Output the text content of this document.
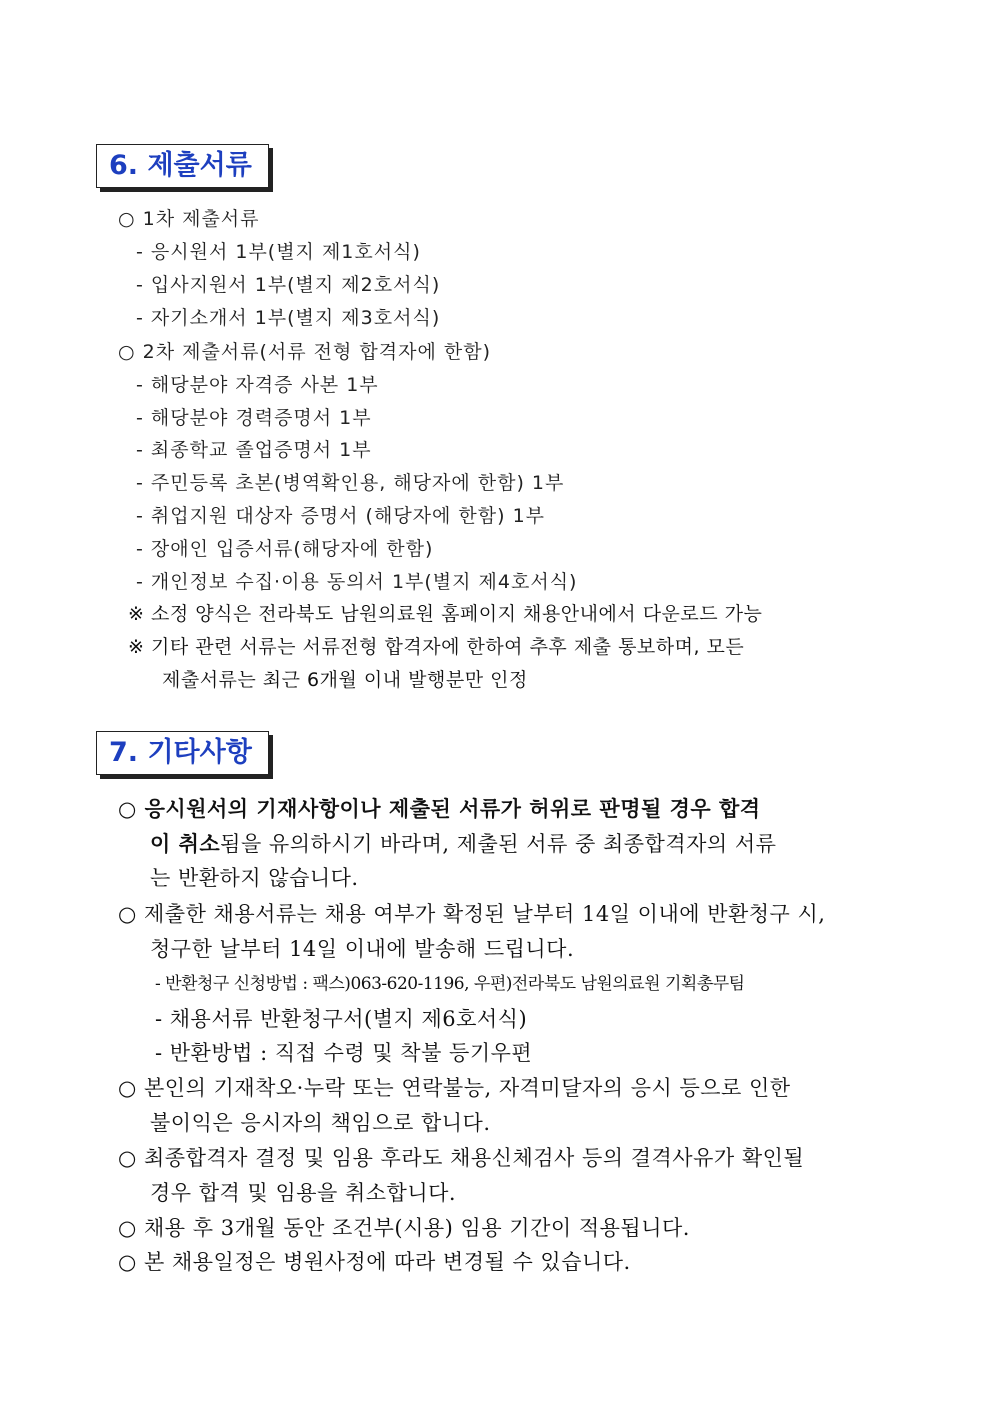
6. 제출서류
○ 1차 제출서류
- 응시원서 1부(별지 제1호서식)
- 입사지원서 1부(별지 제2호서식)
- 자기소개서 1부(별지 제3호서식)
○ 2차 제출서류(서류 전형 합격자에 한함)
- 해당분야 자격증 사본 1부
- 해당분야 경력증명서 1부
- 최종학교 졸업증명서 1부
- 주민등록 초본(병역확인용, 해당자에 한함) 1부
- 취업지원 대상자 증명서 (해당자에 한함) 1부
- 장애인 입증서류(해당자에 한함)
- 개인정보 수집·이용 동의서 1부(별지 제4호서식)
※ 소정 양식은 전라북도 남원의료원 홈페이지 채용안내에서 다운로드 가능
※ 기타 관련 서류는 서류전형 합격자에 한하여 추후 제출 통보하며, 모든
제출서류는 최근 6개월 이내 발행분만 인정
7. 기타사항
○ 응시원서의 기재사항이나 제출된 서류가 허위로 판명될 경우 합격
이 취소됨을 유의하시기 바라며, 제출된 서류 중 최종합격자의 서류
는 반환하지 않습니다.
○ 제출한 채용서류는 채용 여부가 확정된 날부터 14일 이내에 반환청구 시,
청구한 날부터 14일 이내에 발송해 드립니다.
- 반환청구 신청방법 : 팩스)063-620-1196, 우편)전라북도 남원의료원 기획총무팀
- 채용서류 반환청구서(별지 제6호서식)
- 반환방법 : 직접 수령 및 착불 등기우편
○ 본인의 기재착오·누락 또는 연락불능, 자격미달자의 응시 등으로 인한
불이익은 응시자의 책임으로 합니다.
○ 최종합격자 결정 및 임용 후라도 채용신체검사 등의 결격사유가 확인될
경우 합격 및 임용을 취소합니다.
○ 채용 후 3개월 동안 조건부(시용) 임용 기간이 적용됩니다.
○ 본 채용일정은 병원사정에 따라 변경될 수 있습니다.
